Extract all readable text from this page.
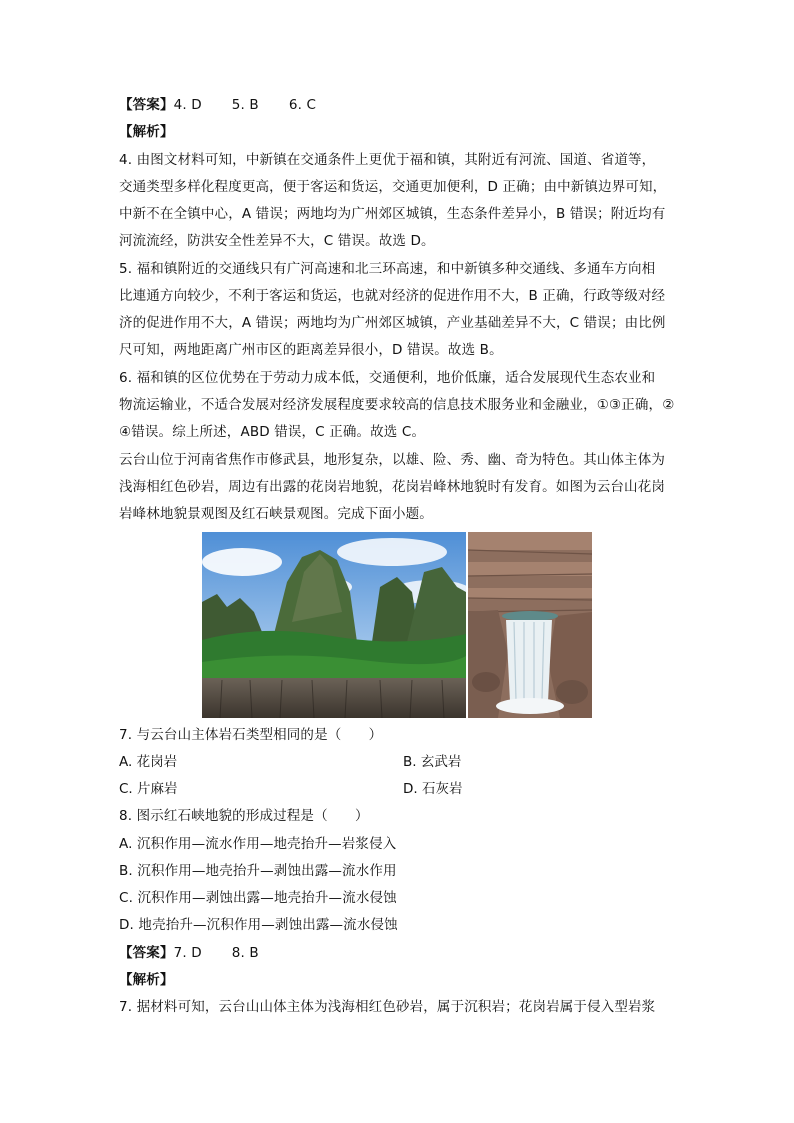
【答案】4. D 5. B 6. C
【解析】
4. 由图文材料可知，中新镇在交通条件上更优于福和镇，其附近有河流、国道、省道等，
交通类型多样化程度更高，便于客运和货运，交通更加便利，D 正确；由中新镇边界可知，
中新不在全镇中心，A 错误；两地均为广州郊区城镇，生态条件差异小，B 错误；附近均有
河流流经，防洪安全性差异不大，C 错误。故选 D。
5. 福和镇附近的交通线只有广河高速和北三环高速，和中新镇多种交通线、多通车方向相
比連通方向较少，不利于客运和货运，也就对经济的促进作用不大，B 正确，行政等级对经
济的促进作用不大，A 错误；两地均为广州郊区城镇，产业基础差异不大，C 错误；由比例
尺可知，两地距离广州市区的距离差异很小，D 错误。故选 B。
6. 福和镇的区位优势在于劳动力成本低，交通便利，地价低廉，适合发展现代生态农业和
物流运输业，不适合发展对经济发展程度要求较高的信息技术服务业和金融业，①③正确，②
④错误。综上所述，ABD 错误，C 正确。故选 C。
云台山位于河南省焦作市修武县，地形复杂，以雄、险、秀、幽、奇为特色。其山体主体为
浅海相红色砂岩，周边有出露的花岗岩地貌，花岗岩峰林地貌时有发育。如图为云台山花岗
岩峰林地貌景观图及红石峡景观图。完成下面小题。
7. 与云台山主体岩石类型相同的是（　　）
A. 花岗岩	B. 玄武岩
C. 片麻岩	D. 石灰岩
8. 图示红石峡地貌的形成过程是（　　）
A. 沉积作用—流水作用—地壳抬升—岩浆侵入
B. 沉积作用—地壳抬升—剥蚀出露—流水作用
C. 沉积作用—剥蚀出露—地壳抬升—流水侵蚀
D. 地壳抬升—沉积作用—剥蚀出露—流水侵蚀
【答案】7. D 8. B
【解析】
7. 据材料可知，云台山山体主体为浅海相红色砂岩，属于沉积岩；花岗岩属于侵入型岩浆
